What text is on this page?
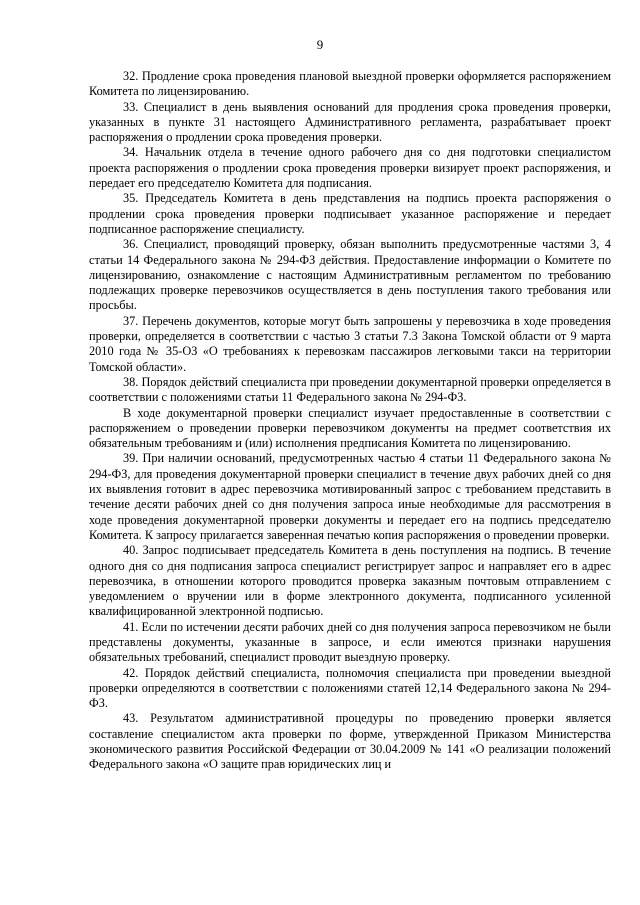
9

32. Продление срока проведения плановой выездной проверки оформляется распоряжением Комитета по лицензированию.

33. Специалист в день выявления оснований для продления срока проведения проверки, указанных в пункте 31 настоящего Административного регламента, разрабатывает проект распоряжения о продлении срока проведения проверки.

34. Начальник отдела в течение одного рабочего дня со дня подготовки специалистом проекта распоряжения о продлении срока проведения проверки визирует проект распоряжения, и передает его председателю Комитета для подписания.

35. Председатель Комитета в день представления на подпись проекта распоряжения о продлении срока проведения проверки подписывает указанное распоряжение и передает подписанное распоряжение специалисту.

36. Специалист, проводящий проверку, обязан выполнить предусмотренные частями 3, 4 статьи 14 Федерального закона № 294-ФЗ действия. Предоставление информации о Комитете по лицензированию, ознакомление с настоящим Административным регламентом по требованию подлежащих проверке перевозчиков осуществляется в день поступления такого требования или просьбы.

37. Перечень документов, которые могут быть запрошены у перевозчика в ходе проведения проверки, определяется в соответствии с частью 3 статьи 7.3 Закона Томской области от 9 марта 2010 года № 35-ОЗ «О требованиях к перевозкам пассажиров легковыми такси на территории Томской области».

38. Порядок действий специалиста при проведении документарной проверки определяется в соответствии с положениями статьи 11 Федерального закона № 294-ФЗ.

В ходе документарной проверки специалист изучает предоставленные в соответствии с распоряжением о проведении проверки перевозчиком документы на предмет соответствия их обязательным требованиям и (или) исполнения предписания Комитета по лицензированию.

39. При наличии оснований, предусмотренных частью 4 статьи 11 Федерального закона № 294-ФЗ, для проведения документарной проверки специалист в течение двух рабочих дней со дня их выявления готовит в адрес перевозчика мотивированный запрос с требованием представить в течение десяти рабочих дней со дня получения запроса иные необходимые для рассмотрения в ходе проведения документарной проверки документы и передает его на подпись председателю Комитета. К запросу прилагается заверенная печатью копия распоряжения о проведении проверки.

40. Запрос подписывает председатель Комитета в день поступления на подпись. В течение одного дня со дня подписания запроса специалист регистрирует запрос и направляет его в адрес перевозчика, в отношении которого проводится проверка заказным почтовым отправлением с уведомлением о вручении или в форме электронного документа, подписанного усиленной квалифицированной электронной подписью.

41. Если по истечении десяти рабочих дней со дня получения запроса перевозчиком не были представлены документы, указанные в запросе, и если имеются признаки нарушения обязательных требований, специалист проводит выездную проверку.

42. Порядок действий специалиста, полномочия специалиста при проведении выездной проверки определяются в соответствии с положениями статей 12,14 Федерального закона № 294-ФЗ.

43. Результатом административной процедуры по проведению проверки является составление специалистом акта проверки по форме, утвержденной Приказом Министерства экономического развития Российской Федерации от 30.04.2009 № 141 «О реализации положений Федерального закона «О защите прав юридических лиц и
